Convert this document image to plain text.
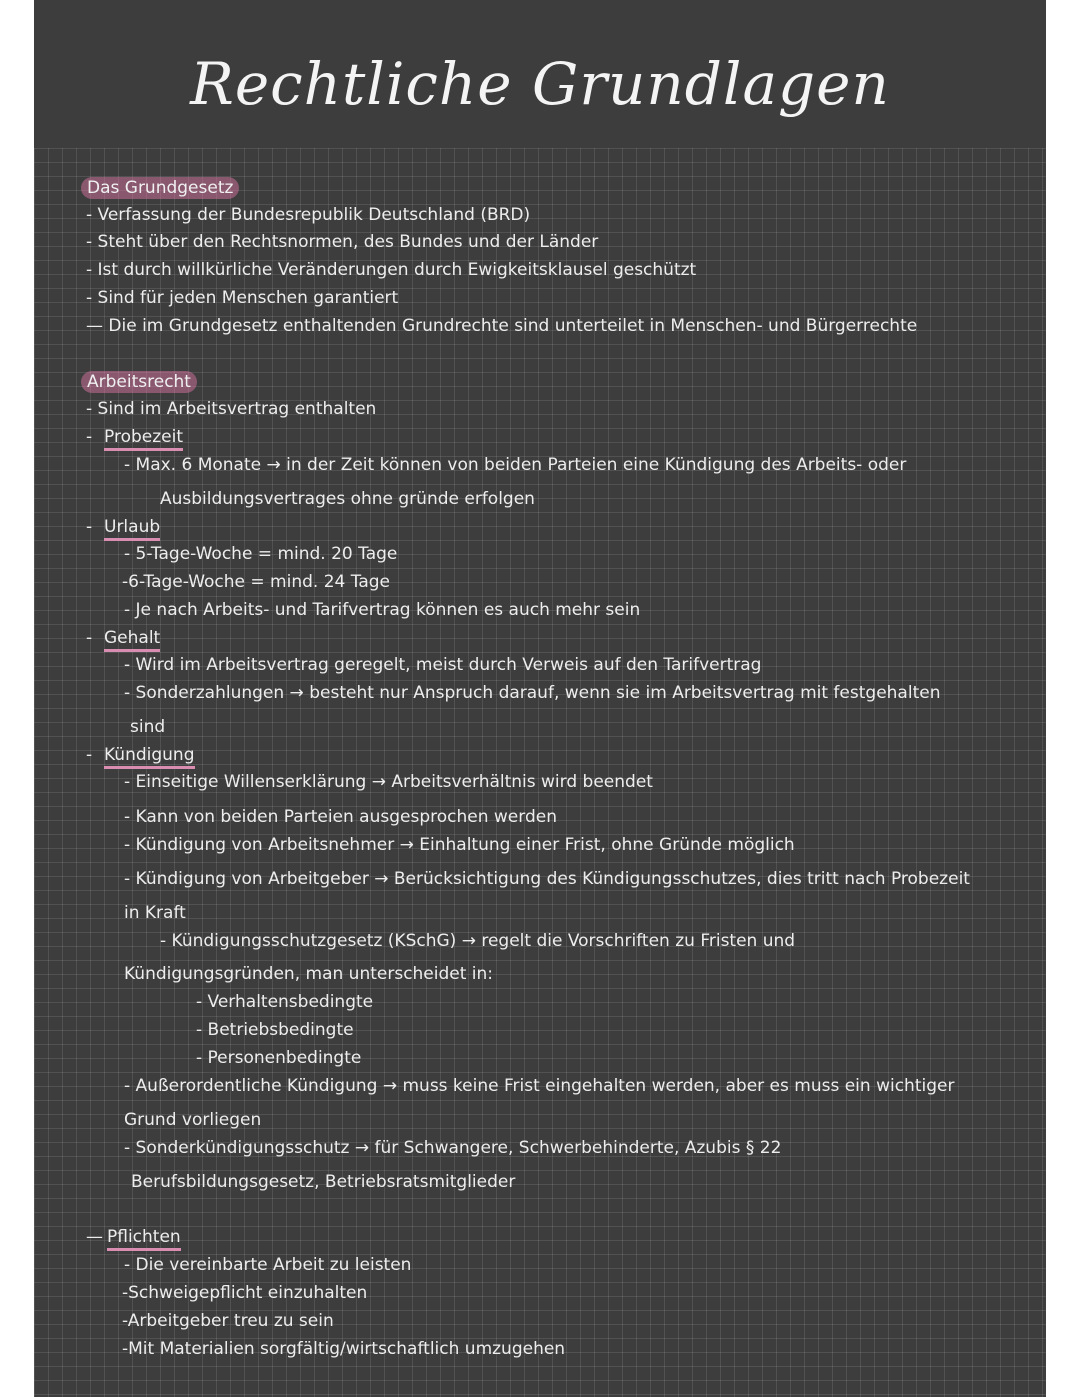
Rechtliche Grundlagen
Das Grundgesetz
- Verfassung der Bundesrepublik Deutschland (BRD)
- Steht über den Rechtsnormen, des Bundes und der Länder
- Ist durch willkürliche Veränderungen durch Ewigkeitsklausel geschützt
- Sind für jeden Menschen garantiert
— Die im Grundgesetz enthaltenden Grundrechte sind unterteilet in Menschen- und Bürgerrechte
Arbeitsrecht
- Sind im Arbeitsvertrag enthalten
- Probezeit
- Max. 6 Monate → in der Zeit können von beiden Parteien eine Kündigung des Arbeits- oder
Ausbildungsvertrages ohne gründe erfolgen
- Urlaub
- 5-Tage-Woche = mind. 20 Tage
-6-Tage-Woche = mind. 24 Tage
- Je nach Arbeits- und Tarifvertrag können es auch mehr sein
- Gehalt
- Wird im Arbeitsvertrag geregelt, meist durch Verweis auf den Tarifvertrag
- Sonderzahlungen → besteht nur Anspruch darauf, wenn sie im Arbeitsvertrag mit festgehalten
sind
- Kündigung
- Einseitige Willenserklärung → Arbeitsverhältnis wird beendet
- Kann von beiden Parteien ausgesprochen werden
- Kündigung von Arbeitsnehmer → Einhaltung einer Frist, ohne Gründe möglich
- Kündigung von Arbeitgeber → Berücksichtigung des Kündigungsschutzes, dies tritt nach Probezeit
in Kraft
- Kündigungsschutzgesetz (KSchG) → regelt die Vorschriften zu Fristen und
Kündigungsgründen, man unterscheidet in:
- Verhaltensbedingte
- Betriebsbedingte
- Personenbedingte
- Außerordentliche Kündigung → muss keine Frist eingehalten werden, aber es muss ein wichtiger
Grund vorliegen
- Sonderkündigungsschutz → für Schwangere, Schwerbehinderte, Azubis § 22
Berufsbildungsgesetz, Betriebsratsmitglieder
— Pflichten
- Die vereinbarte Arbeit zu leisten
-Schweigepflicht einzuhalten
-Arbeitgeber treu zu sein
-Mit Materialien sorgfältig/wirtschaftlich umzugehen
